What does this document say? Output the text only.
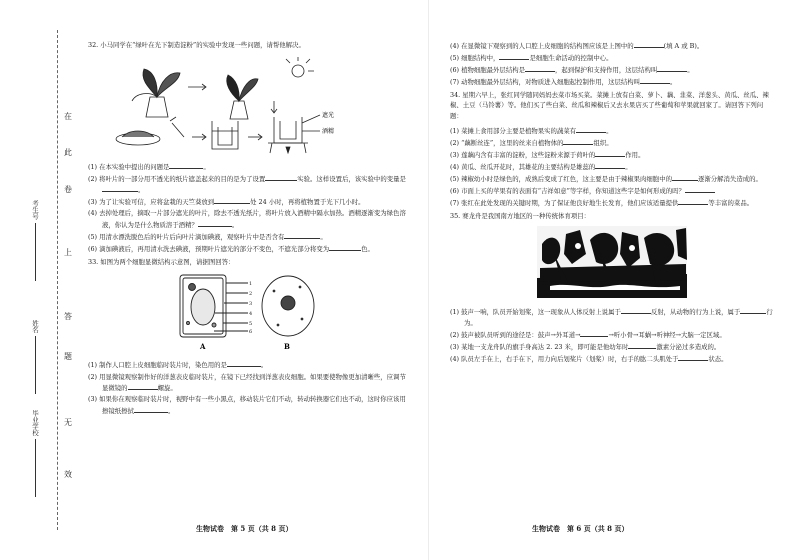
考生号
姓名
毕业学校
在
此
卷
上
答
题
无
效
32. 小马同学在“绿叶在光下制造淀粉”的实验中发现一些问题，请帮他解决。
遮光
酒精
(1) 在本实验中提出的问题是	。
(2) 将叶片的一部分用不透光的纸片遮盖起来的目的是为了设置	实验。这样设置后，该实验中的变量是。
(3) 为了让实验可信，应将盆栽的天竺葵放到	处 24 小时，再将植物置于光下几小时。
(4) 去掉处理后，摘取一片部分遮光的叶片，除去不透光纸片，将叶片放入酒精中隔水加热。酒精逐渐变为绿色溶液，你认为是什么物质溶于酒精？	。
(5) 用清水漂洗脱色后的叶片后向叶片滴加碘液，观察叶片中是否含有	。
(6) 滴加碘液后，再用清水洗去碘液，预期叶片遮光的部分不变色，不遮光部分将变为	色。
33. 如图为两个细胞显微结构示意图，请据图回答：
1
2
3
4
5
6
A	B
(1) 制作人口腔上皮细胞临时装片时，染色用的是	。
(2) 用显微镜观察制作好的洋葱表皮临时装片，在镜下已经找到洋葱表皮细胞。如果要使物像更加清晰些，应调节显微镜的	螺旋。
(3) 如果你在观察临时装片时，视野中有一些小黑点，移动装片它们不动，转动转换器它们也不动，这时你应该用擦镜纸擦拭	。
生物试卷　第 5 页（共 8 页）
(4) 在显微镜下观察到的人口腔上皮细胞的结构图应该是上图中的	(填 A 或 B)。
(5) 细胞结构中，	是细胞生命活动的控制中心。
(6) 植物细胞最外层结构是	，起到保护和支持作用，这层结构叫	。
(7) 动物细胞最外层结构，对物质进入细胞起控制作用，这层结构叫	。
34. 星期六早上，张红同学随同妈妈去菜市场买菜。菜摊上放有白菜、萝卜、藕、韭菜、洋葱头、黄瓜、丝瓜、辣椒、土豆（马铃薯）等。他们买了些白菜、丝瓜和辣椒后又去水果店买了些葡萄和苹果就回家了。请回答下列问题：
(1) 菜摊上食用部分主要是植物果实的蔬菜有	。
(2) “藕断丝连”，这里的丝来自植物体的	组织。
(3) 莲藕内含有丰富的淀粉，这些淀粉来源于荷叶的	作用。
(4) 黄瓜、丝瓜开花时，其雄花的主要结构是雄蕊的	。
(5) 辣椒幼小时是绿色的，成熟后变成了红色，这主要是由于辣椒果肉细胞中的	逐渐分解消失造成的。
(6) 市面上买的苹果有的表面有“吉祥如意”等字样，你知道这些字是如何形成的吗？
(7) 张红在此处发现的关键时期，为了保证他良好地生长发育，他们应该适量提供	等丰富的菜品。
35. 赛龙舟是我国南方地区的一种传统体育项目：
(1) 鼓声一响，队员开始划桨，这一现象从人体反射上说属于	反射，从动物的行为上说，属于	行为。
(2) 鼓声被队员听到的途径是：鼓声→外耳道→	→听小骨→耳蜗→听神经→大脑一定区域。
(3) 某地一支龙舟队的旗手身高达 2. 23 米，即可能是他幼年时	激素分泌过多造成的。
(4) 队员左手在上，右手在下，用力向后划桨片（划桨）时，右手的肱二头肌处于	状态。
生物试卷　第 6 页（共 8 页）
